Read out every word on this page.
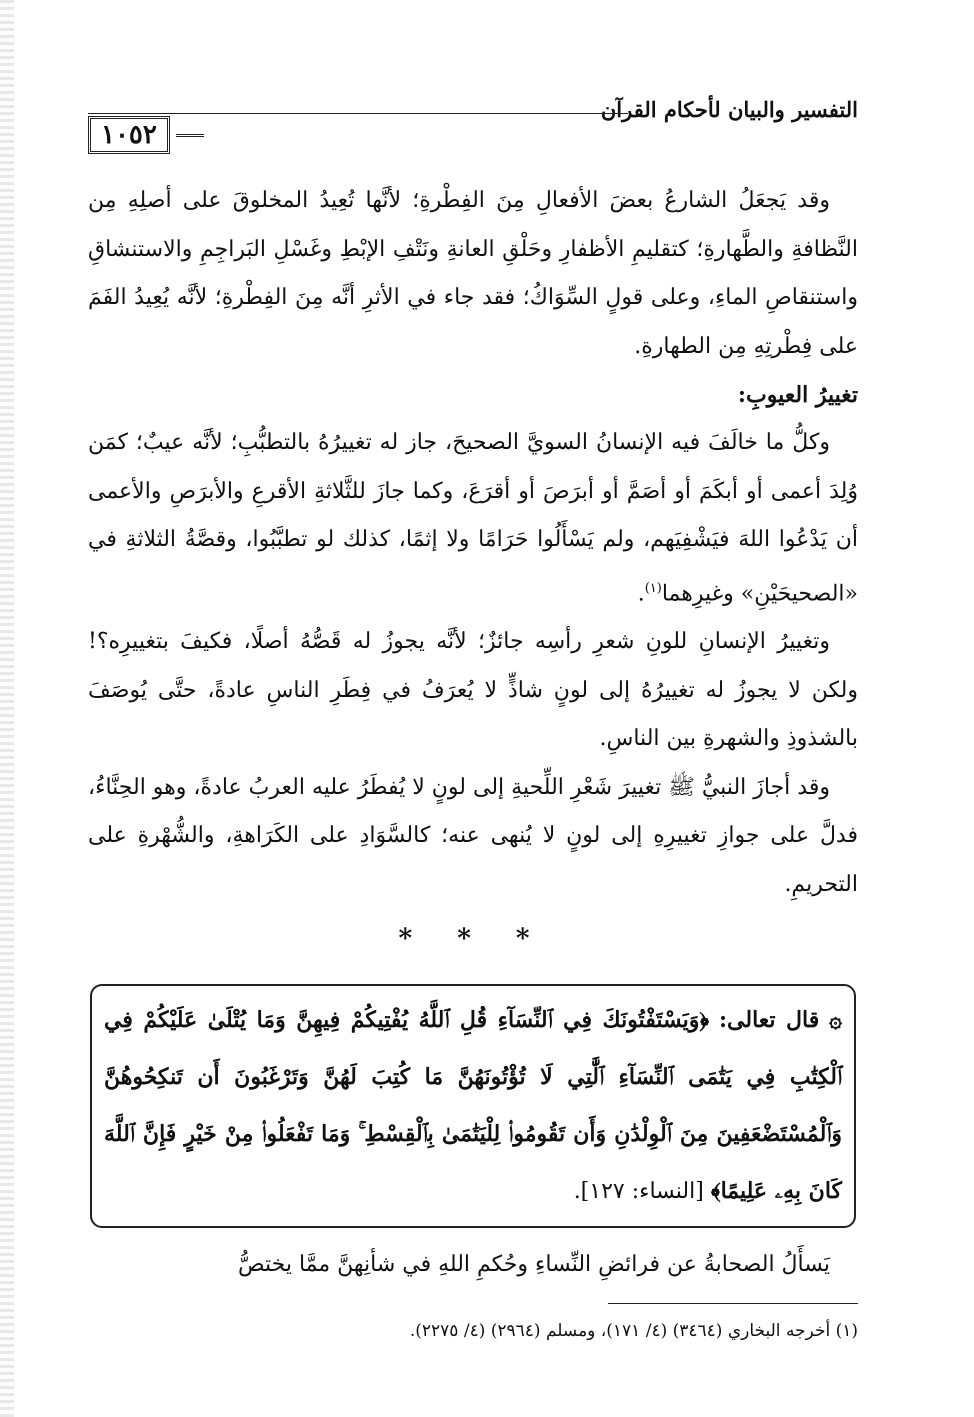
التفسير والبيان لأحكام القرآن
١٠٥٢

وقد يَجعَلُ الشارعُ بعضَ الأفعالِ مِنَ الفِطْرةِ؛ لأنَّها تُعِيدُ المخلوقَ على أصلِهِ مِن النَّظافةِ والطَّهارةِ؛ كتقليمِ الأظفارِ وحَلْقِ العانةِ ونَتْفِ الإبْطِ وغَسْلِ البَراجِمِ والاستنشاقِ واستنقاصِ الماءِ، وعلى قولٍ السِّوَاكُ؛ فقد جاء في الأثرِ أنَّه مِنَ الفِطْرةِ؛ لأنَّه يُعِيدُ الفَمَ على فِطْرتِهِ مِن الطهارةِ.

تغييرُ العيوبِ:

وكلُّ ما خالَفَ فيه الإنسانُ السويَّ الصحيحَ، جاز له تغييرُهُ بالتطبُّبِ؛ لأنَّه عيبٌ؛ كمَن وُلِدَ أعمى أو أبكَمَ أو أصَمَّ أو أبرَصَ أو أقرَعَ، وكما جازَ للثَّلاثةِ الأقرعِ والأبرَصِ والأعمى أن يَدْعُوا اللهَ فيَشْفِيَهم، ولم يَسْأَلُوا حَرَامًا ولا إثمًا، كذلك لو تطبَّبُوا، وقصَّةُ الثلاثةِ في «الصحيحَيْنِ» وغيرِهما$^{(١)}$.

وتغييرُ الإنسانِ للونِ شعرِ رأسِه جائزٌ؛ لأنَّه يجوزُ له قَصُّهُ أصلًا، فكيفَ بتغييرِه؟! ولكن لا يجوزُ له تغييرُهُ إلى لونٍ شاذٍّ لا يُعرَفُ في فِطَرِ الناسِ عادةً، حتَّى يُوصَفَ بالشذوذِ والشهرةِ بين الناسِ.

وقد أجازَ النبيُّ ﷺ تغييرَ شَعْرِ اللِّحيةِ إلى لونٍ لا يُفطَرُ عليه العربُ عادةً، وهو الحِنَّاءُ، فدلَّ على جوازِ تغييرِهِ إلى لونٍ لا يُنهى عنه؛ كالسَّوَادِ على الكَرَاهةِ، والشُّهْرةِ على التحريمِ.

* * *
۞ قال تعالى: ﴿وَيَسْتَفْتُونَكَ فِي ٱلنِّسَآءِ قُلِ ٱللَّهُ يُفْتِيكُمْ فِيهِنَّ وَمَا يُتْلَىٰ عَلَيْكُمْ فِي ٱلْكِتَٰبِ فِي يَتَٰمَى ٱلنِّسَآءِ ٱلَّٰتِي لَا تُؤْتُونَهُنَّ مَا كُتِبَ لَهُنَّ وَتَرْغَبُونَ أَن تَنكِحُوهُنَّ وَٱلْمُسْتَضْعَفِينَ مِنَ ٱلْوِلْدَٰنِ وَأَن تَقُومُوا۟ لِلْيَتَٰمَىٰ بِٱلْقِسْطِ ۚ وَمَا تَفْعَلُوا۟ مِنْ خَيْرٍ فَإِنَّ ٱللَّهَ كَانَ بِهِۦ عَلِيمًا﴾ [النساء: ١٢٧].

يَسأَلُ الصحابةُ عن فرائضِ النِّساءِ وحُكمِ اللهِ في شأنِهنَّ ممَّا يختصُّ

(١) أخرجه البخاري (٣٤٦٤) (٤/ ١٧١)، ومسلم (٢٩٦٤) (٤/ ٢٢٧٥).
